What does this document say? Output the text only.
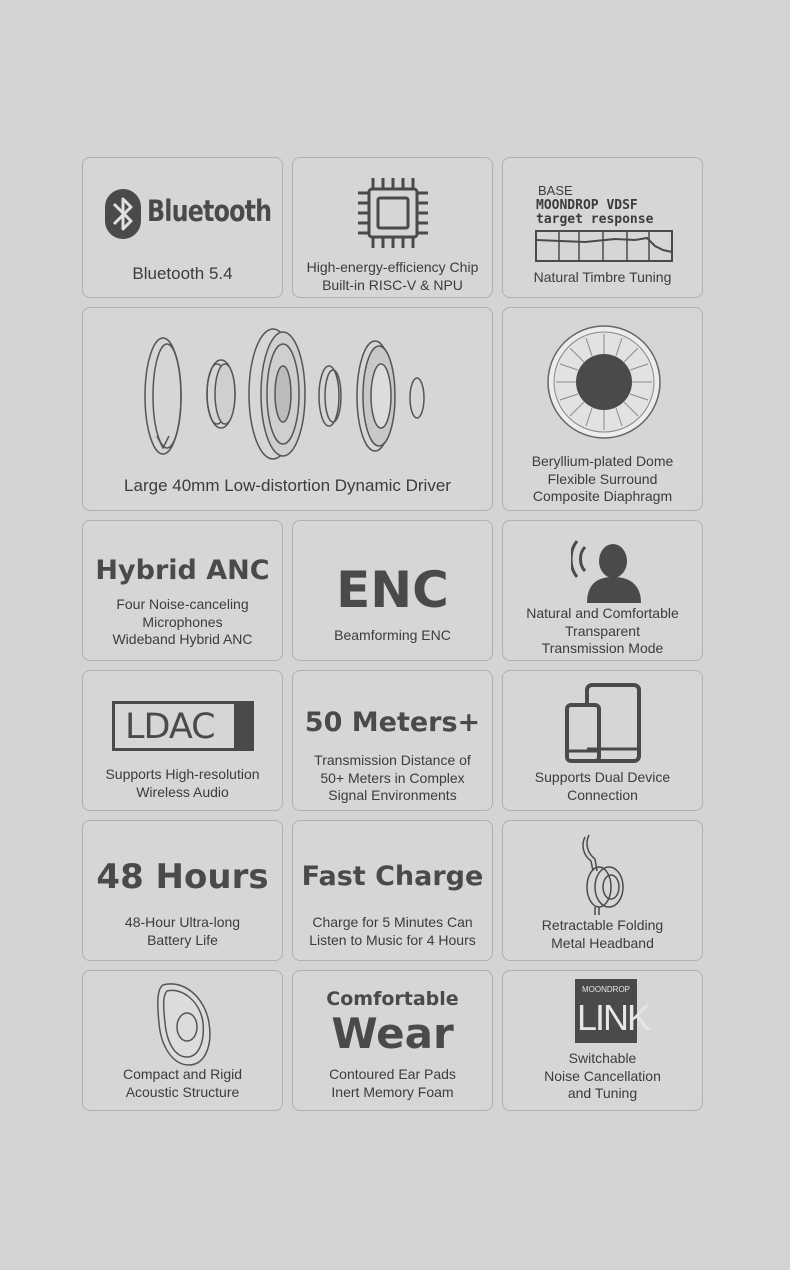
Bluetooth
Bluetooth 5.4	High-energy-efficiency Chip
Built-in RISC-V & NPU
BASE
MOONDROP VDSF
target response
Natural Timbre Tuning
Large 40mm Low-distortion Dynamic Driver
Beryllium-plated Dome
Flexible Surround
Composite Diaphragm
Hybrid ANC
Four Noise-canceling
Microphones
Wideband Hybrid ANC
ENC
Beamforming ENC
Natural and Comfortable
Transparent
Transmission Mode
LDAC
Supports High-resolution
Wireless Audio
50 Meters+
Transmission Distance of
50+ Meters in Complex
Signal Environments
Supports Dual Device
Connection
48 Hours
48-Hour Ultra-long
Battery Life
Fast Charge
Charge for 5 Minutes Can
Listen to Music for 4 Hours
Retractable Folding
Metal Headband
Compact and Rigid
Acoustic Structure
Comfortable
Wear
Contoured Ear Pads
Inert Memory Foam
MOONDROP
LINK
Switchable
Noise Cancellation
and Tuning
